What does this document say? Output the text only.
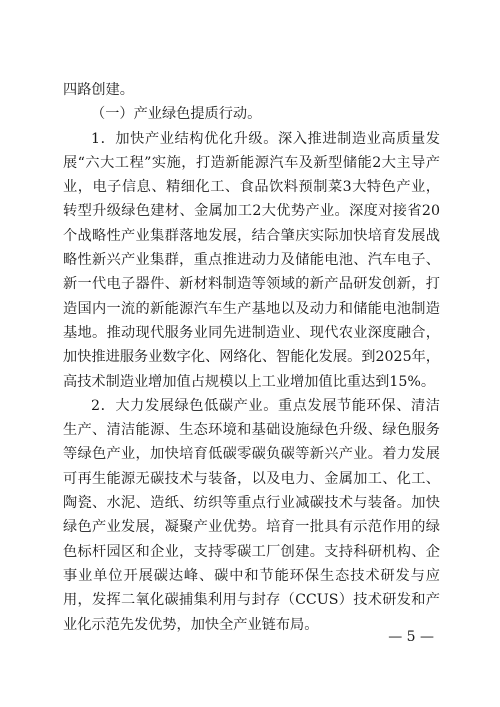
四路创建。

（一）产业绿色提质行动。

1．加快产业结构优化升级。深入推进制造业高质量发展“六大工程”实施，打造新能源汽车及新型储能2大主导产业，电子信息、精细化工、食品饮料预制菜3大特色产业，转型升级绿色建材、金属加工2大优势产业。深度对接省20个战略性产业集群落地发展，结合肇庆实际加快培育发展战略性新兴产业集群，重点推进动力及储能电池、汽车电子、新一代电子器件、新材料制造等领域的新产品研发创新，打造国内一流的新能源汽车生产基地以及动力和储能电池制造基地。推动现代服务业同先进制造业、现代农业深度融合，加快推进服务业数字化、网络化、智能化发展。到2025年，高技术制造业增加值占规模以上工业增加值比重达到15%。

2．大力发展绿色低碳产业。重点发展节能环保、清洁生产、清洁能源、生态环境和基础设施绿色升级、绿色服务等绿色产业，加快培育低碳零碳负碳等新兴产业。着力发展可再生能源无碳技术与装备，以及电力、金属加工、化工、陶瓷、水泥、造纸、纺织等重点行业减碳技术与装备。加快绿色产业发展，凝聚产业优势。培育一批具有示范作用的绿色标杆园区和企业，支持零碳工厂创建。支持科研机构、企事业单位开展碳达峰、碳中和节能环保生态技术研发与应用，发挥二氧化碳捕集利用与封存（CCUS）技术研发和产业化示范先发优势，加快全产业链布局。

— 5 —
